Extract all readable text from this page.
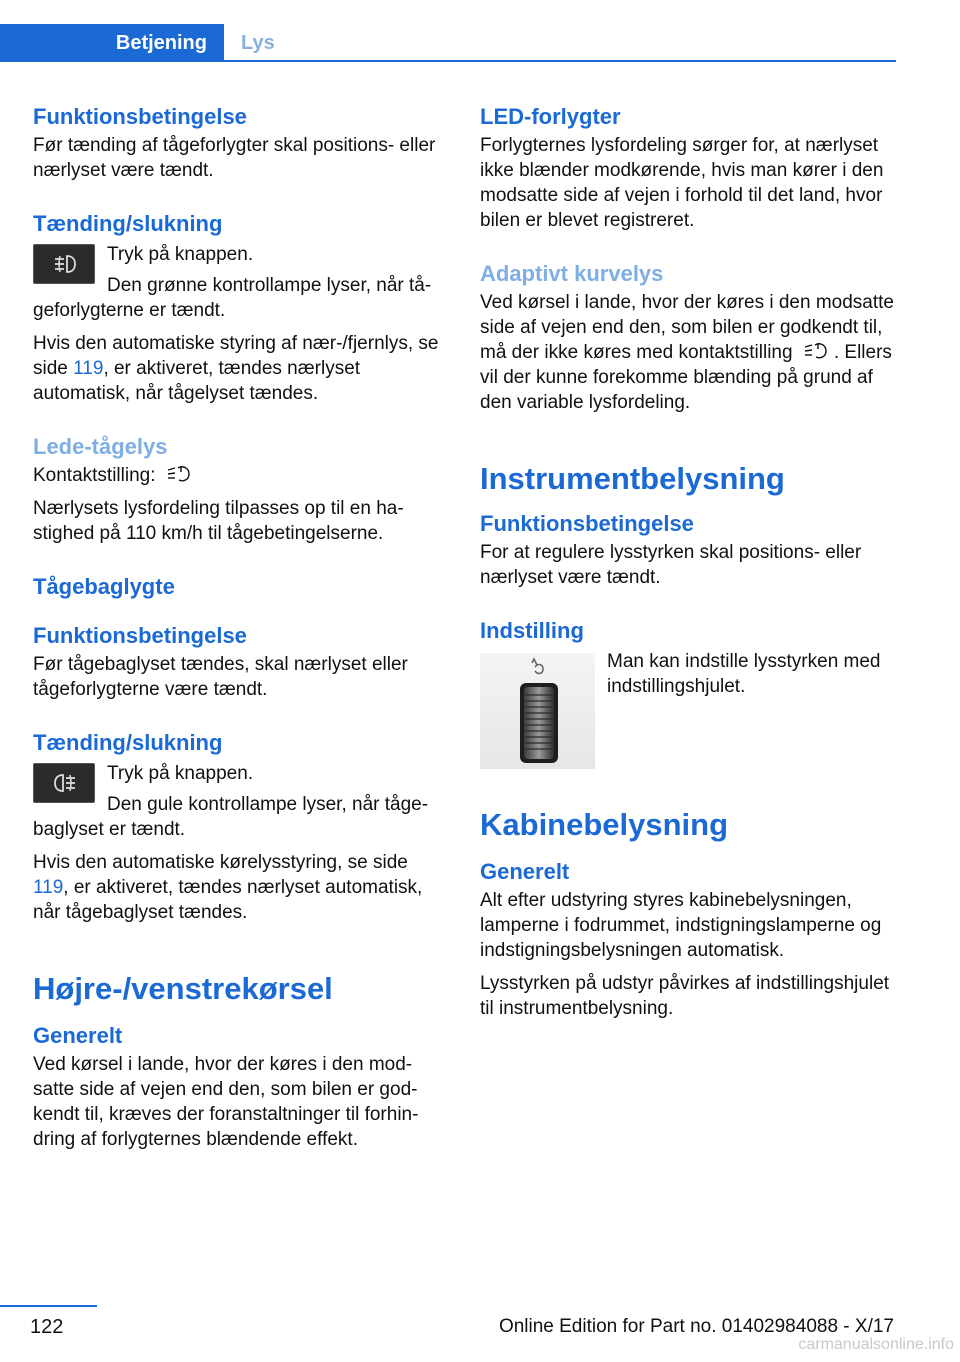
Betjening	Lys

Funktionsbetingelse

Før tænding af tågeforlygter skal positions- eller nærlyset være tændt.

Tænding/slukning

Tryk på knappen.

Den grønne kontrollampe lyser, når tågeforlygterne er tændt.

Hvis den automatiske styring af nær-/fjernlys, se side 119, er aktiveret, tændes nærlyset automatisk, når tågelyset tændes.

Lede-tågelys

Kontaktstilling:

Nærlysets lysfordeling tilpasses op til en hastighed på 110 km/h til tågebetingelserne.

Tågebaglygte

Funktionsbetingelse

Før tågebaglyset tændes, skal nærlyset eller tågeforlygterne være tændt.

Tænding/slukning

Tryk på knappen.

Den gule kontrollampe lyser, når tågebaglyset er tændt.

Hvis den automatiske kørelysstyring, se side 119, er aktiveret, tændes nærlyset automatisk, når tågebaglyset tændes.

Højre-/venstrekørsel

Generelt

Ved kørsel i lande, hvor der køres i den modsatte side af vejen end den, som bilen er godkendt til, kræves der foranstaltninger til forhindring af forlygternes blændende effekt.

LED-forlygter

Forlygternes lysfordeling sørger for, at nærlyset ikke blænder modkørende, hvis man kører i den modsatte side af vejen i forhold til det land, hvor bilen er blevet registreret.

Adaptivt kurvelys

Ved kørsel i lande, hvor der køres i den modsatte side af vejen end den, som bilen er godkendt til, må der ikke køres med kontaktstilling . Ellers vil der kunne forekomme blænding på grund af den variable lysfordeling.

Instrumentbelysning

Funktionsbetingelse

For at regulere lysstyrken skal positions- eller nærlyset være tændt.

Indstilling

Man kan indstille lysstyrken med indstillingshjulet.

Kabinebelysning

Generelt

Alt efter udstyring styres kabinebelysningen, lamperne i fodrummet, indstigningslamperne og indstigningsbelysningen automatisk.

Lysstyrken på udstyr påvirkes af indstillingshjulet til instrumentbelysning.

122	Online Edition for Part no. 01402984088 - X/17
carmanualsonline.info
